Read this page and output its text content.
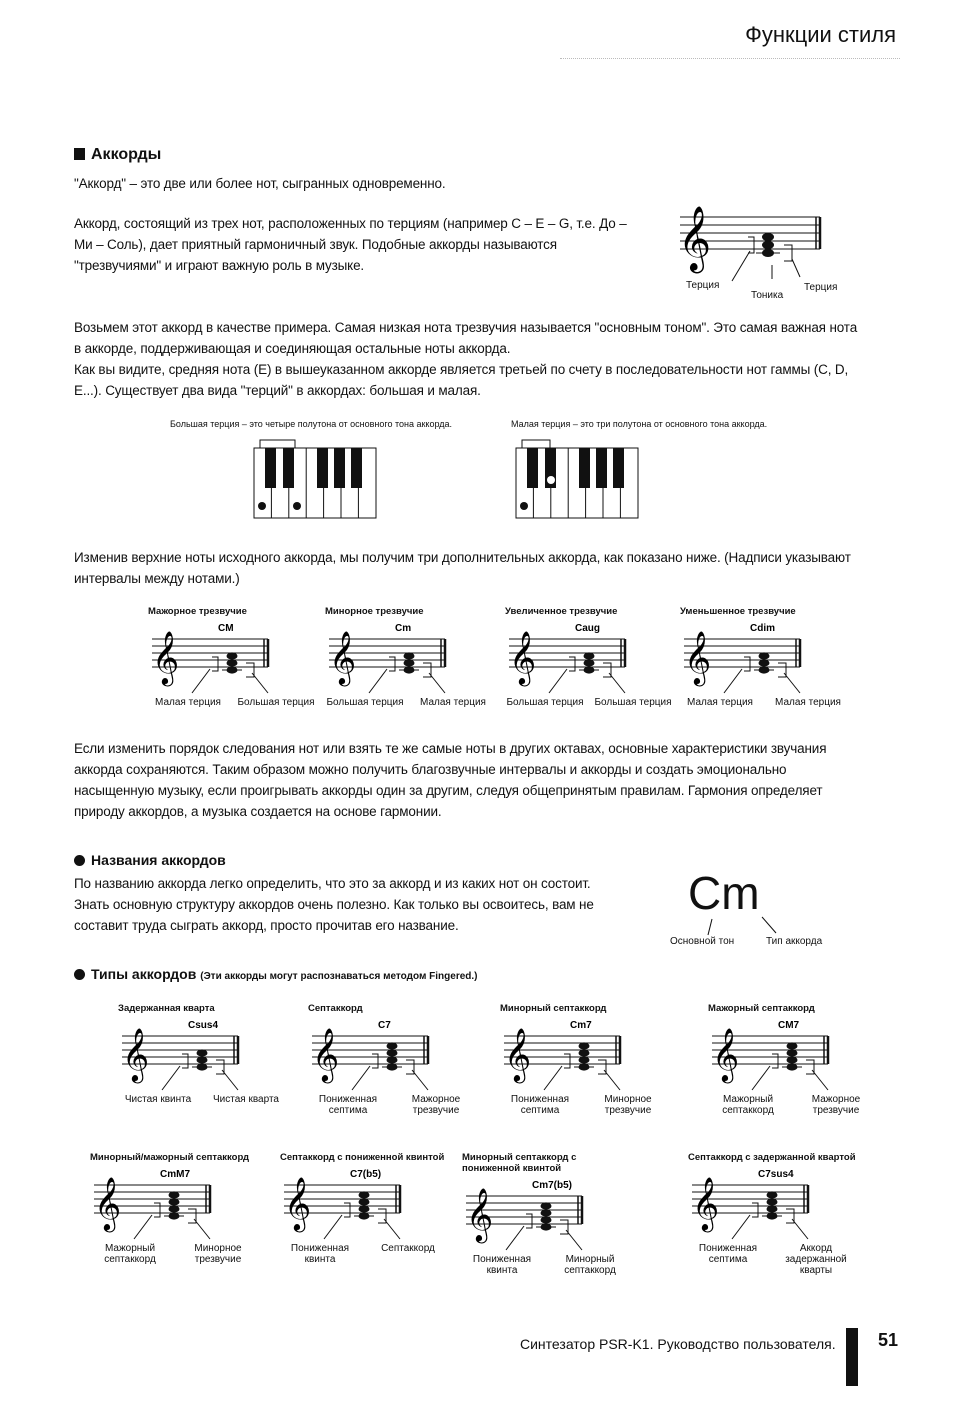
Функции стиля
Аккорды
"Аккорд" – это две или более нот, сыгранных одновременно.
Аккорд, состоящий из трех нот, расположенных по терциям (например С – Е – G, т.е. До –
Ми – Соль), дает приятный гармоничный звук. Подобные аккорды называются
"трезвучиями" и играют важную роль в музыке.	𝄞
Терция
Тоника
Терция
Возьмем этот аккорд в качестве примера. Самая низкая нота трезвучия называется "основным тоном". Это самая важная нота
в аккорде, поддерживающая и соединяющая остальные ноты аккорда.
Как вы видите, средняя нота (E) в вышеуказанном аккорде является третьей по счету в последовательности нот гаммы (C, D,
E...). Существует два вида "терций" в аккордах: большая и малая.
Большая терция – это четыре полутона от основного тона аккорда.	Малая терция – это три полутона от основного тона аккорда.
Изменив верхние ноты исходного аккорда, мы получим три дополнительных аккорда, как показано ниже. (Надписи указывают
интервалы между нотами.)
Если изменить порядок следования нот или взять те же самые ноты в других октавах, основные характеристики звучания
аккорда сохраняются. Таким образом можно получить благозвучные интервалы и аккорды и создать эмоционально
насыщенную музыку, если проигрывать аккорды один за другим, следуя общепринятым правилам. Гармония определяет
природу аккордов, а музыка создается на основе гармонии.
Названия аккордов
По названию аккорда легко определить, что это за аккорд и из каких нот он состоит.
Знать основную структуру аккордов очень полезно. Как только вы освоитесь, вам не
составит труда сыграть аккорд, просто прочитав его название.
Cm
Основной тон	Тип аккорда
Типы аккордов (Эти аккорды могут распознаваться методом Fingered.)
Синтезатор PSR-K1. Руководство пользователя. 51
Мажорное трезвучие
𝄞
CM
Малая терция	Большая терция
Минорное трезвучие
𝄞
Cm
Большая терция	Малая терция
Увеличенное трезвучие
𝄞
Caug
Большая терция Большая терция
Уменьшенное трезвучие
𝄞
Cdim
Малая терция	Малая терция
Задержанная кварта
𝄞
Csus4
Чистая квинта	Чистая кварта
Септаккорд
𝄞
C7
Пониженная септима
Мажорное трезвучие
Минорный септаккорд
𝄞
Cm7
Пониженная септима
Минорное трезвучие
Мажорный септаккорд
𝄞
CM7
Мажорный септаккорд
Мажорное трезвучие
Минорный/мажорный септаккорд
𝄞
CmM7
Мажорный септаккорд
Минорное трезвучие
Септаккорд с пониженной квинтой
𝄞
C7(b5)
Пониженная квинта
Септаккорд
Минорный септаккорд с пониженной квинтой
𝄞
Cm7(b5)
Пониженная квинта
Минорный септаккорд
Септаккорд с задержанной квартой
𝄞
C7sus4
Пониженная септима
Аккорд задержанной кварты
